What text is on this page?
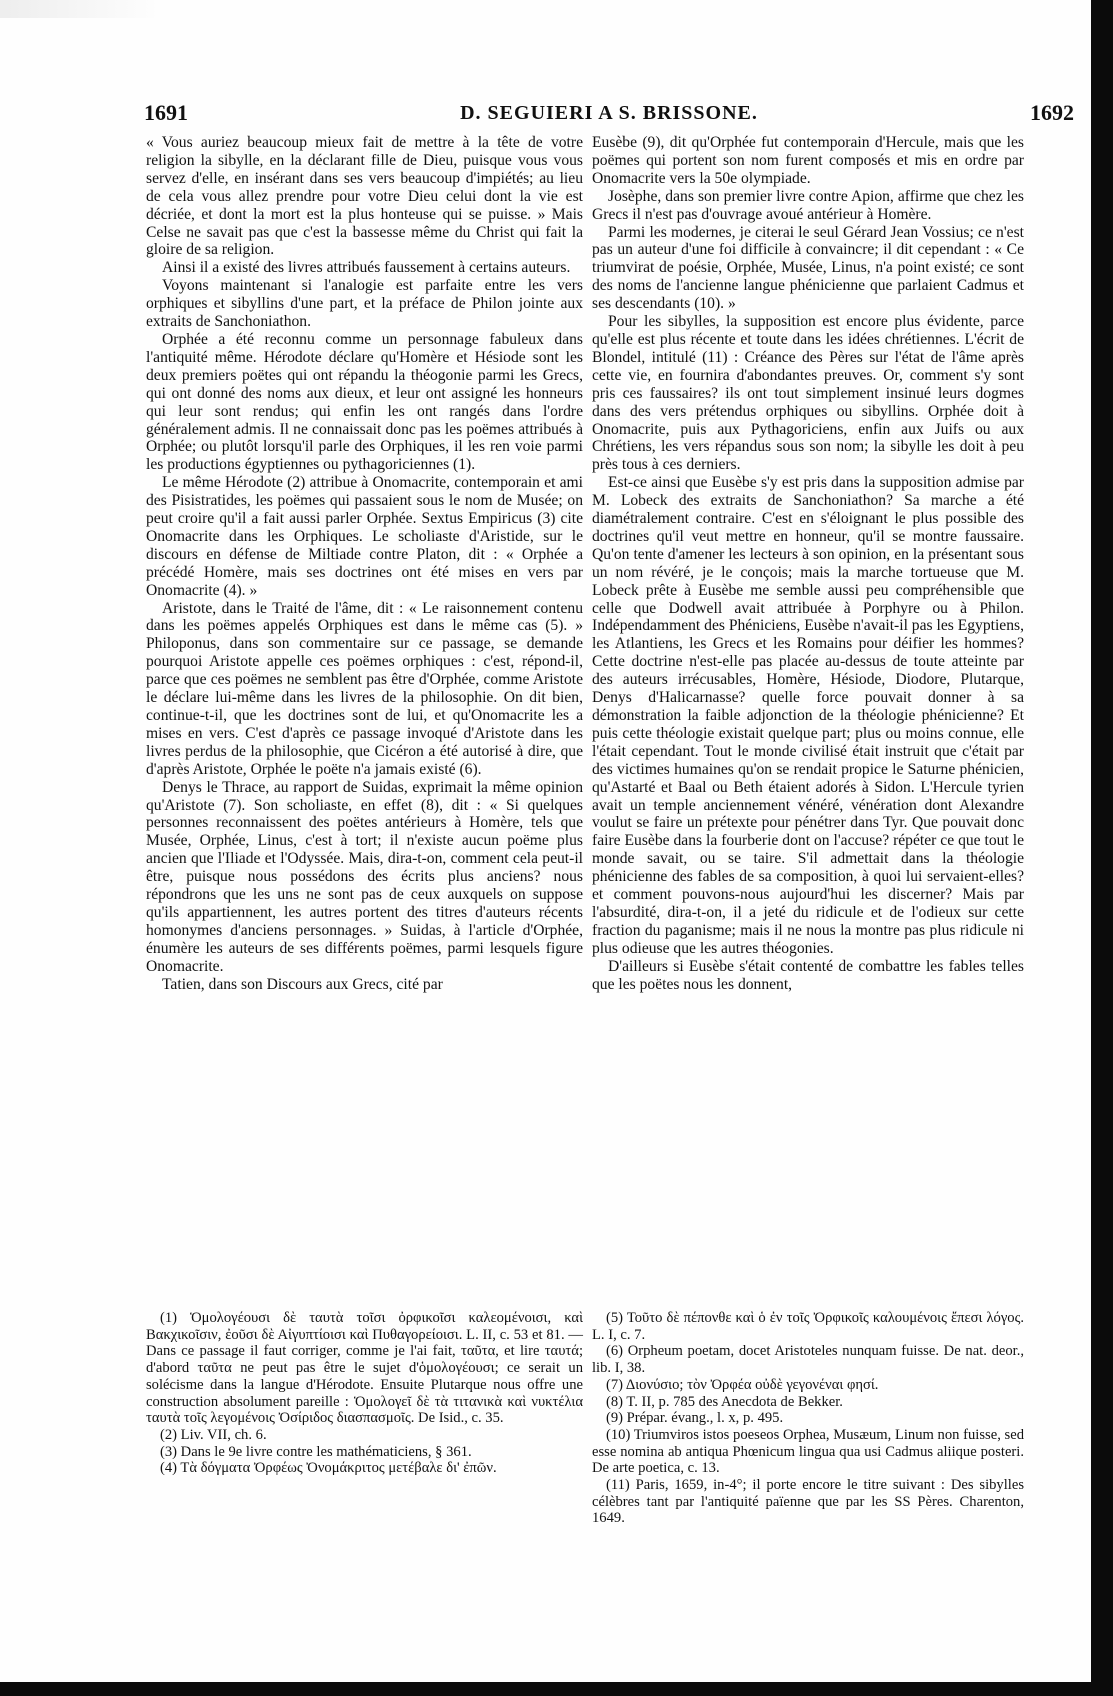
1691	D. SEGUIERI A S. BRISSONE.	1692

« Vous auriez beaucoup mieux fait de mettre à la tête de votre religion la sibylle, en la déclarant fille de Dieu, puisque vous vous servez d'elle, en insérant dans ses vers beaucoup d'impiétés; au lieu de cela vous allez prendre pour votre Dieu celui dont la vie est décriée, et dont la mort est la plus honteuse qui se puisse. » Mais Celse ne savait pas que c'est la bassesse même du Christ qui fait la gloire de sa religion.

Ainsi il a existé des livres attribués faussement à certains auteurs.

Voyons maintenant si l'analogie est parfaite entre les vers orphiques et sibyllins d'une part, et la préface de Philon jointe aux extraits de Sanchoniathon.

Orphée a été reconnu comme un personnage fabuleux dans l'antiquité même. Hérodote déclare qu'Homère et Hésiode sont les deux premiers poëtes qui ont répandu la théogonie parmi les Grecs, qui ont donné des noms aux dieux, et leur ont assigné les honneurs qui leur sont rendus; qui enfin les ont rangés dans l'ordre généralement admis. Il ne connaissait donc pas les poëmes attribués à Orphée; ou plutôt lorsqu'il parle des Orphiques, il les ren voie parmi les productions égyptiennes ou pythagoriciennes (1).

Le même Hérodote (2) attribue à Onomacrite, contemporain et ami des Pisistratides, les poëmes qui passaient sous le nom de Musée; on peut croire qu'il a fait aussi parler Orphée. Sextus Empiricus (3) cite Onomacrite dans les Orphiques. Le scholiaste d'Aristide, sur le discours en défense de Miltiade contre Platon, dit : « Orphée a précédé Homère, mais ses doctrines ont été mises en vers par Onomacrite (4). »

Aristote, dans le Traité de l'âme, dit : « Le raisonnement contenu dans les poëmes appelés Orphiques est dans le même cas (5). » Philoponus, dans son commentaire sur ce passage, se demande pourquoi Aristote appelle ces poëmes orphiques : c'est, répond-il, parce que ces poëmes ne semblent pas être d'Orphée, comme Aristote le déclare lui-même dans les livres de la philosophie. On dit bien, continue-t-il, que les doctrines sont de lui, et qu'Onomacrite les a mises en vers. C'est d'après ce passage invoqué d'Aristote dans les livres perdus de la philosophie, que Cicéron a été autorisé à dire, que d'après Aristote, Orphée le poëte n'a jamais existé (6).

Denys le Thrace, au rapport de Suidas, exprimait la même opinion qu'Aristote (7). Son scholiaste, en effet (8), dit : « Si quelques personnes reconnaissent des poëtes antérieurs à Homère, tels que Musée, Orphée, Linus, c'est à tort; il n'existe aucun poëme plus ancien que l'Iliade et l'Odyssée. Mais, dira-t-on, comment cela peut-il être, puisque nous possédons des écrits plus anciens? nous répondrons que les uns ne sont pas de ceux auxquels on suppose qu'ils appartiennent, les autres portent des titres d'auteurs récents homonymes d'anciens personnages. » Suidas, à l'article d'Orphée, énumère les auteurs de ses différents poëmes, parmi lesquels figure Onomacrite.

Tatien, dans son Discours aux Grecs, cité par

Eusèbe (9), dit qu'Orphée fut contemporain d'Hercule, mais que les poëmes qui portent son nom furent composés et mis en ordre par Onomacrite vers la 50e olympiade.

Josèphe, dans son premier livre contre Apion, affirme que chez les Grecs il n'est pas d'ouvrage avoué antérieur à Homère.

Parmi les modernes, je citerai le seul Gérard Jean Vossius; ce n'est pas un auteur d'une foi difficile à convaincre; il dit cependant : « Ce triumvirat de poésie, Orphée, Musée, Linus, n'a point existé; ce sont des noms de l'ancienne langue phénicienne que parlaient Cadmus et ses descendants (10). »

Pour les sibylles, la supposition est encore plus évidente, parce qu'elle est plus récente et toute dans les idées chrétiennes. L'écrit de Blondel, intitulé (11) : Créance des Pères sur l'état de l'âme après cette vie, en fournira d'abondantes preuves. Or, comment s'y sont pris ces faussaires? ils ont tout simplement insinué leurs dogmes dans des vers prétendus orphiques ou sibyllins. Orphée doit à Onomacrite, puis aux Pythagoriciens, enfin aux Juifs ou aux Chrétiens, les vers répandus sous son nom; la sibylle les doit à peu près tous à ces derniers.

Est-ce ainsi que Eusèbe s'y est pris dans la supposition admise par M. Lobeck des extraits de Sanchoniathon? Sa marche a été diamétralement contraire. C'est en s'éloignant le plus possible des doctrines qu'il veut mettre en honneur, qu'il se montre faussaire. Qu'on tente d'amener les lecteurs à son opinion, en la présentant sous un nom révéré, je le conçois; mais la marche tortueuse que M. Lobeck prête à Eusèbe me semble aussi peu compréhensible que celle que Dodwell avait attribuée à Porphyre ou à Philon. Indépendamment des Phéniciens, Eusèbe n'avait-il pas les Egyptiens, les Atlantiens, les Grecs et les Romains pour déifier les hommes? Cette doctrine n'est-elle pas placée au-dessus de toute atteinte par des auteurs irrécusables, Homère, Hésiode, Diodore, Plutarque, Denys d'Halicarnasse? quelle force pouvait donner à sa démonstration la faible adjonction de la théologie phénicienne? Et puis cette théologie existait quelque part; plus ou moins connue, elle l'était cependant. Tout le monde civilisé était instruit que c'était par des victimes humaines qu'on se rendait propice le Saturne phénicien, qu'Astarté et Baal ou Beth étaient adorés à Sidon. L'Hercule tyrien avait un temple anciennement vénéré, vénération dont Alexandre voulut se faire un prétexte pour pénétrer dans Tyr. Que pouvait donc faire Eusèbe dans la fourberie dont on l'accuse? répéter ce que tout le monde savait, ou se taire. S'il admettait dans la théologie phénicienne des fables de sa composition, à quoi lui servaient-elles? et comment pouvons-nous aujourd'hui les discerner? Mais par l'absurdité, dira-t-on, il a jeté du ridicule et de l'odieux sur cette fraction du paganisme; mais il ne nous la montre pas plus ridicule ni plus odieuse que les autres théogonies.

D'ailleurs si Eusèbe s'était contenté de combattre les fables telles que les poëtes nous les donnent,

(1) Ὁμολογέουσι δὲ ταυτὰ τοῖσι ὀρφικοῖσι καλεομένοισι, καὶ Βακχικοῖσιν, ἐοῦσι δὲ Αἰγυπτίοισι καὶ Πυθαγορείοισι. L. II, c. 53 et 81. — Dans ce passage il faut corriger, comme je l'ai fait, ταῦτα, et lire ταυτά; d'abord ταῦτα ne peut pas être le sujet d'ὁμολογέουσι; ce serait un solécisme dans la langue d'Hérodote. Ensuite Plutarque nous offre une construction absolument pareille : Ὁμολογεῖ δὲ τὰ τιτανικὰ καὶ νυκτέλια ταυτὰ τοῖς λεγομένοις Ὀσίριδος διασπασμοῖς. De Isid., c. 35.

(2) Liv. VII, ch. 6.

(3) Dans le 9e livre contre les mathématiciens, § 361.

(4) Τὰ δόγματα Ὀρφέως Ὀνομάκριτος μετέβαλε δι' ἐπῶν.

(5) Τοῦτο δὲ πέπονθε καὶ ὁ ἐν τοῖς Ὀρφικοῖς καλουμένοις ἔπεσι λόγος. L. I, c. 7.

(6) Orpheum poetam, docet Aristoteles nunquam fuisse. De nat. deor., lib. I, 38.

(7) Διονύσιο; τὸν Ὀρφέα οὐδὲ γεγονέναι φησί.

(8) T. II, p. 785 des Anecdota de Bekker.

(9) Prépar. évang., l. x, p. 495.

(10) Triumviros istos poeseos Orphea, Musæum, Linum non fuisse, sed esse nomina ab antiqua Phœnicum lingua qua usi Cadmus aliique posteri. De arte poetica, c. 13.

(11) Paris, 1659, in-4°; il porte encore le titre suivant : Des sibylles célèbres tant par l'antiquité païenne que par les SS Pères. Charenton, 1649.
